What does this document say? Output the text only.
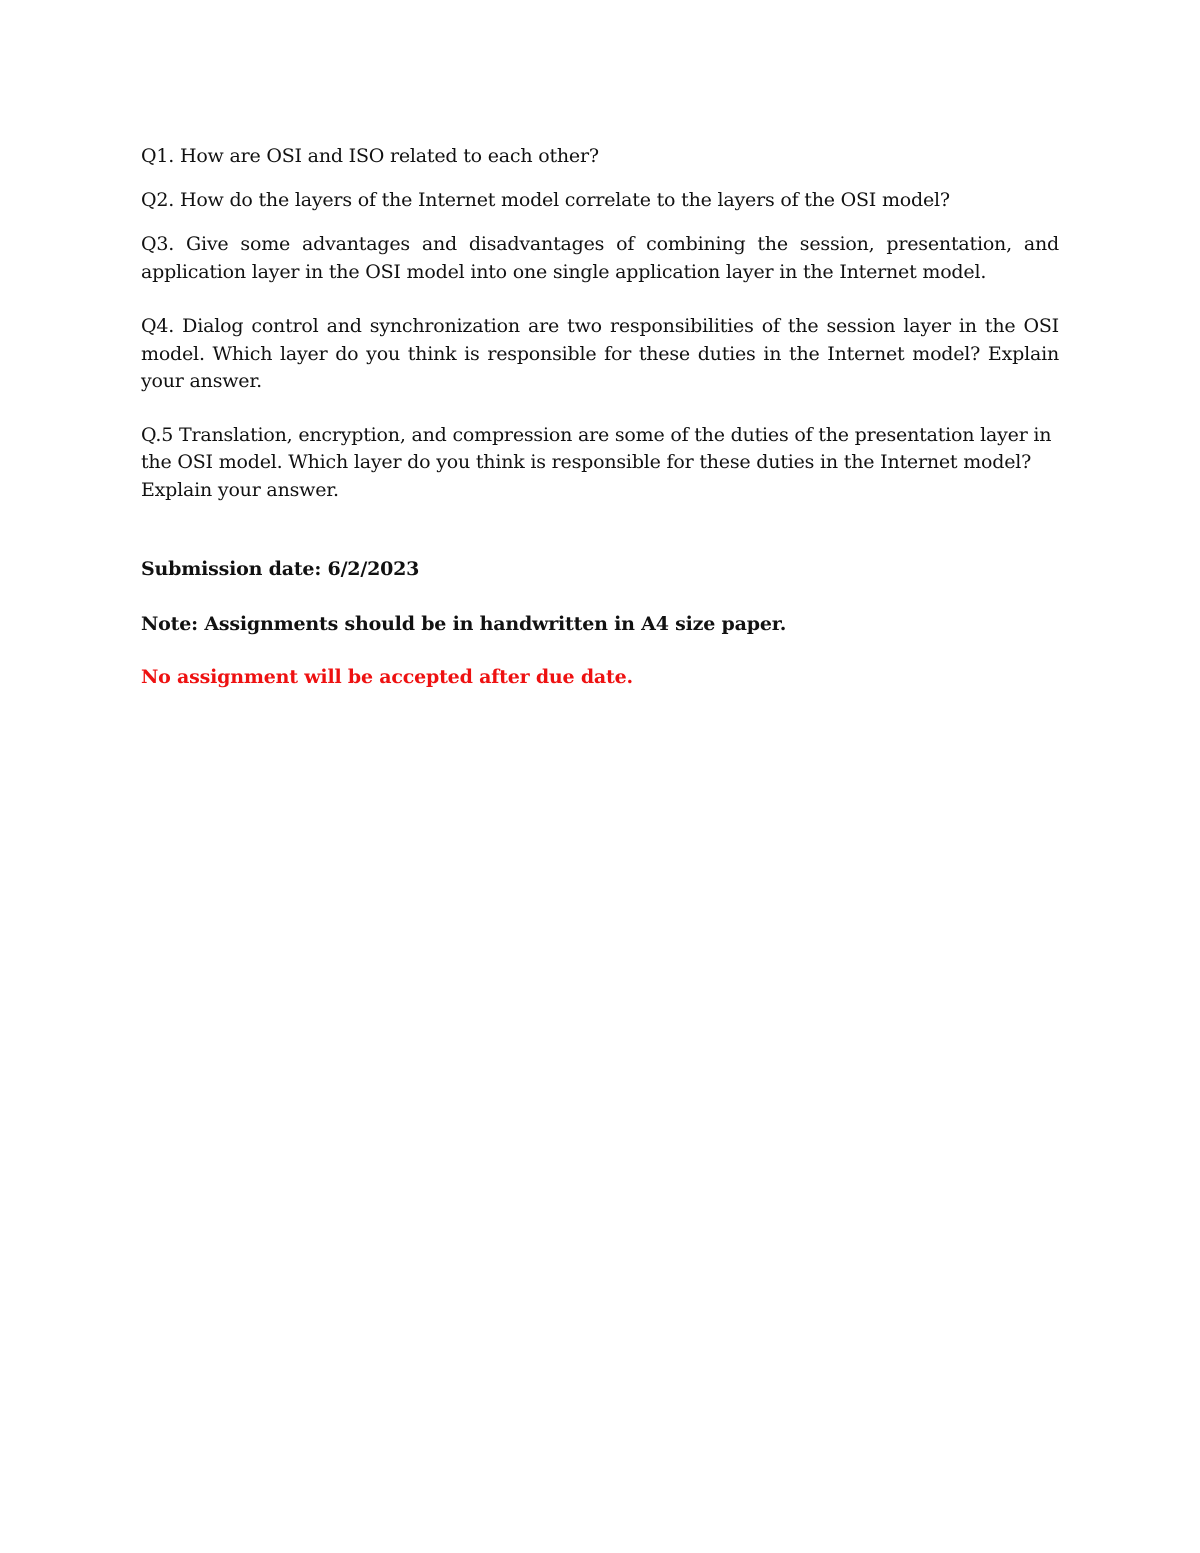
Q1. How are OSI and ISO related to each other?

Q2. How do the layers of the Internet model correlate to the layers of the OSI model?

Q3. Give some advantages and disadvantages of combining the session, presentation, and application layer in the OSI model into one single application layer in the Internet model.

Q4. Dialog control and synchronization are two responsibilities of the session layer in the OSI model. Which layer do you think is responsible for these duties in the Internet model? Explain your answer.

Q.5 Translation, encryption, and compression are some of the duties of the presentation layer in the OSI model. Which layer do you think is responsible for these duties in the Internet model? Explain your answer.

Submission date: 6/2/2023

Note: Assignments should be in handwritten in A4 size paper.

No assignment will be accepted after due date.
